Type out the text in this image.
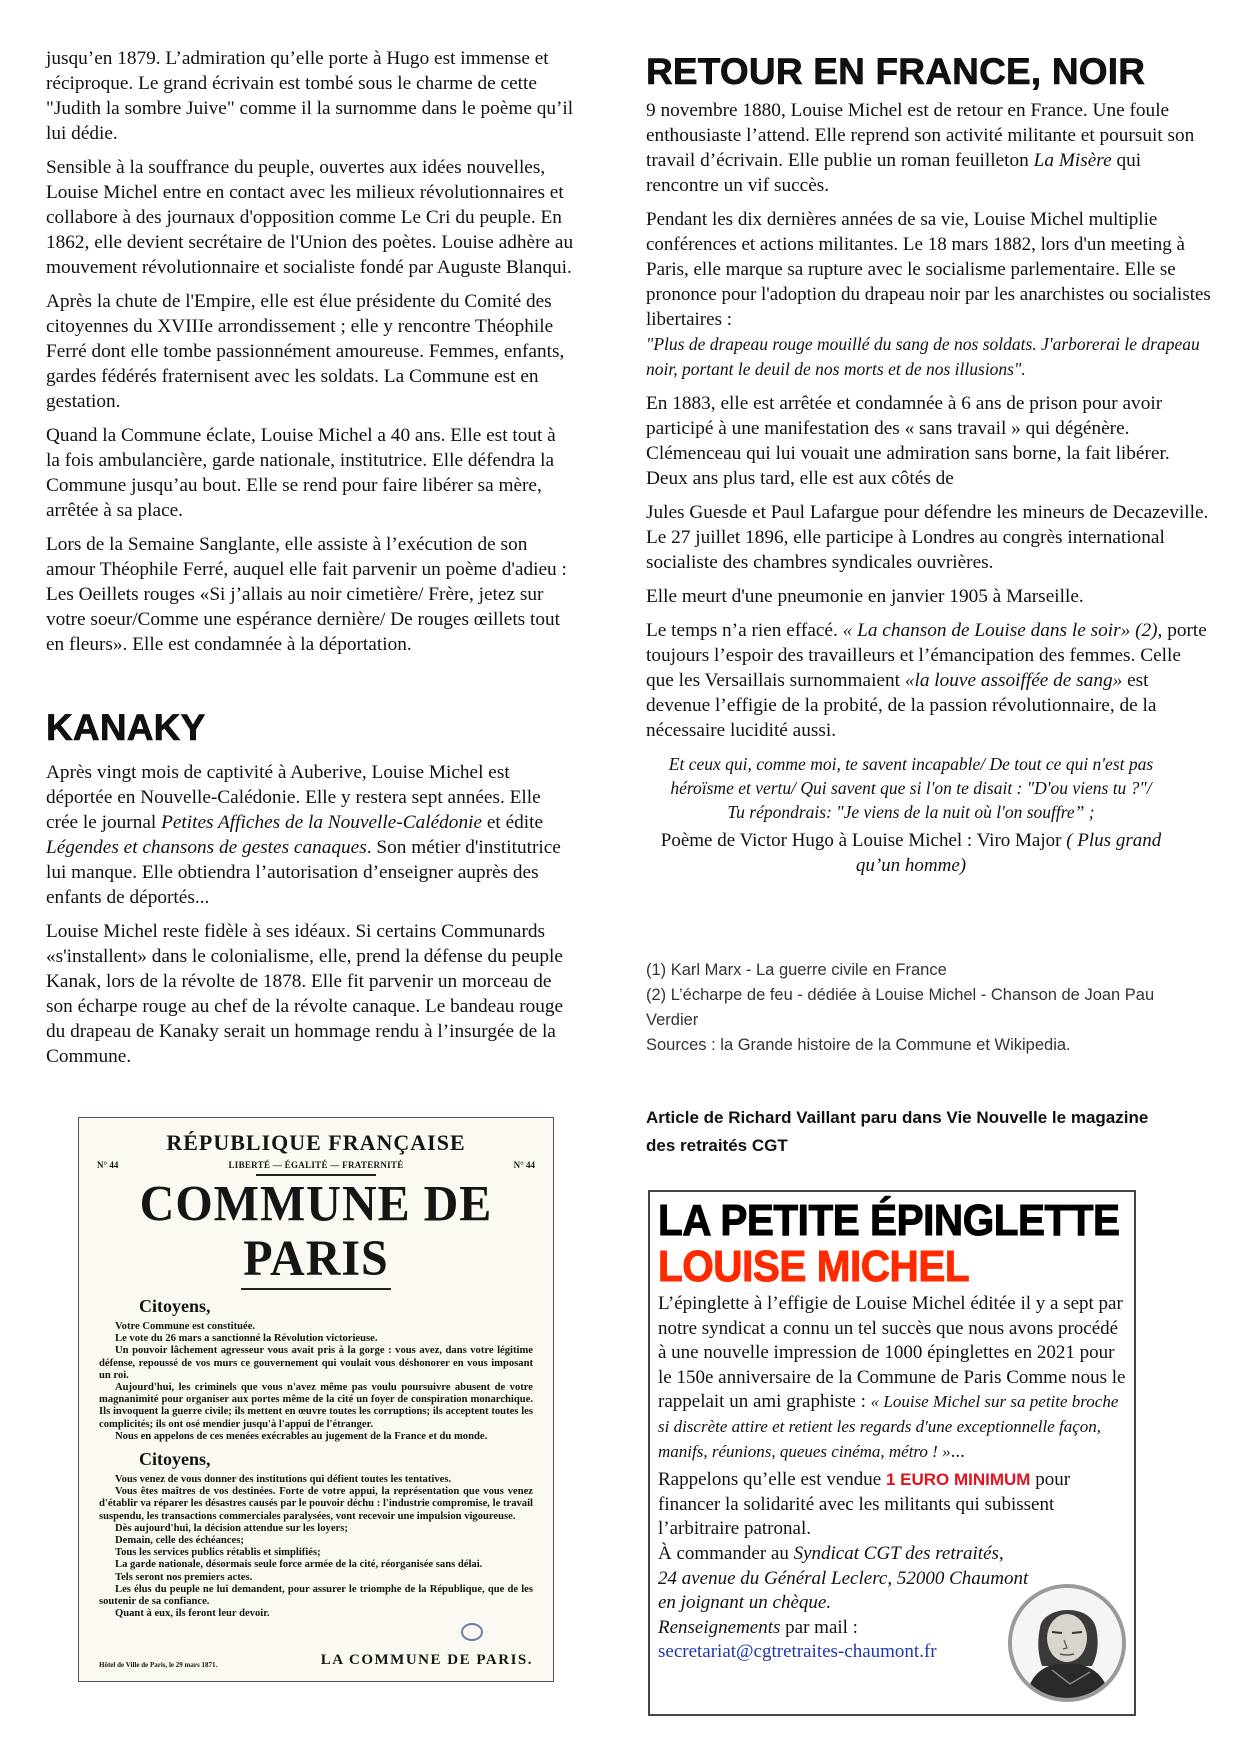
jusqu’en 1879. L’admiration qu’elle porte à Hugo est immense et réciproque. Le grand écrivain est tombé sous le charme de cette "Judith la sombre Juive" comme il la surnomme dans le poème qu’il lui dédie.

Sensible à la souffrance du peuple, ouvertes aux idées nouvelles, Louise Michel entre en contact avec les milieux révolutionnaires et collabore à des journaux d'opposition comme Le Cri du peuple. En 1862, elle devient secrétaire de l'Union des poètes. Louise adhère au mouvement révolutionnaire et socialiste fondé par Auguste Blanqui.

Après la chute de l'Empire, elle est élue présidente du Comité des citoyennes du XVIIIe arrondissement ; elle y rencontre Théophile Ferré dont elle tombe passionnément amoureuse. Femmes, enfants, gardes fédérés fraternisent avec les soldats. La Commune est en gestation.

Quand la Commune éclate, Louise Michel a 40 ans. Elle est tout à la fois ambulancière, garde nationale, institutrice. Elle défendra la Commune jusqu’au bout. Elle se rend pour faire libérer sa mère, arrêtée à sa place.

Lors de la Semaine Sanglante, elle assiste à l’exécution de son amour Théophile Ferré, auquel elle fait parvenir un poème d'adieu : Les Oeillets rouges «Si j’allais au noir cimetière/ Frère, jetez sur votre soeur/Comme une espérance dernière/ De rouges œillets tout en fleurs». Elle est condamnée à la déportation.

KANAKY

Après vingt mois de captivité à Auberive, Louise Michel est déportée en Nouvelle-Calédonie. Elle y restera sept années. Elle crée le journal Petites Affiches de la Nouvelle-Calédonie et édite Légendes et chansons de gestes canaques. Son métier d'institutrice lui manque. Elle obtiendra l’autorisation d’enseigner auprès des enfants de déportés...

Louise Michel reste fidèle à ses idéaux. Si certains Communards «s'installent» dans le colonialisme, elle, prend la défense du peuple Kanak, lors de la révolte de 1878. Elle fit parvenir un morceau de son écharpe rouge au chef de la révolte canaque. Le bandeau rouge du drapeau de Kanaky serait un hommage rendu à l’insurgée de la Commune.

RETOUR EN FRANCE, NOIR

9 novembre 1880, Louise Michel est de retour en France. Une foule enthousiaste l’attend. Elle reprend son activité militante et poursuit son travail d’écrivain. Elle publie un roman feuilleton La Misère qui rencontre un vif succès.

Pendant les dix dernières années de sa vie, Louise Michel multiplie conférences et actions militantes. Le 18 mars 1882, lors d'un meeting à Paris, elle marque sa rupture avec le socialisme parlementaire. Elle se prononce pour l'adoption du drapeau noir par les anarchistes ou socialistes libertaires :
"Plus de drapeau rouge mouillé du sang de nos soldats. J'arborerai le drapeau noir, portant le deuil de nos morts et de nos illusions".

En 1883, elle est arrêtée et condamnée à 6 ans de prison pour avoir participé à une manifestation des « sans travail » qui dégénère. Clémenceau qui lui vouait une admiration sans borne, la fait libérer. Deux ans plus tard, elle est aux côtés de

Jules Guesde et Paul Lafargue pour défendre les mineurs de Decazeville. Le 27 juillet 1896, elle participe à Londres au congrès international socialiste des chambres syndicales ouvrières.

Elle meurt d'une pneumonie en janvier 1905 à Marseille.

Le temps n’a rien effacé. « La chanson de Louise dans le soir» (2), porte toujours l’espoir des travailleurs et l’émancipation des femmes. Celle que les Versaillais surnommaient «la louve assoiffée de sang» est devenue l’effigie de la probité, de la passion révolutionnaire, de la nécessaire lucidité aussi.

Et ceux qui, comme moi, te savent incapable/ De tout ce qui n'est pas
héroïsme et vertu/ Qui savent que si l'on te disait : "D'ou viens tu ?"/
Tu répondrais: "Je viens de la nuit où l'on souffre” ;
Poème de Victor Hugo à Louise Michel : Viro Major ( Plus grand qu’un homme)
(1) Karl Marx - La guerre civile en France
(2) L’écharpe de feu - dédiée à Louise Michel - Chanson de Joan Pau Verdier
Sources : la Grande histoire de la Commune et Wikipedia.
Article de Richard Vaillant paru dans Vie Nouvelle le magazine des retraités CGT
RÉPUBLIQUE FRANÇAISE
N° 44	LIBERTÉ — ÉGALITÉ — FRATERNITÉ	N° 44
COMMUNE DE PARIS
Citoyens,
Votre Commune est constituée.
Le vote du 26 mars a sanctionné la Révolution victorieuse.
Un pouvoir lâchement agresseur vous avait pris à la gorge : vous avez, dans votre légitime défense, repoussé de vos murs ce gouvernement qui voulait vous déshonorer en vous imposant un roi.
Aujourd'hui, les criminels que vous n'avez même pas voulu poursuivre abusent de votre magnanimité pour organiser aux portes même de la cité un foyer de conspiration monarchique. Ils invoquent la guerre civile; ils mettent en œuvre toutes les corruptions; ils acceptent toutes les complicités; ils ont osé mendier jusqu'à l'appui de l'étranger.
Nous en appelons de ces menées exécrables au jugement de la France et du monde.
Citoyens,
Vous venez de vous donner des institutions qui défient toutes les tentatives.
Vous êtes maîtres de vos destinées. Forte de votre appui, la représentation que vous venez d'établir va réparer les désastres causés par le pouvoir déchu : l'industrie compromise, le travail suspendu, les transactions commerciales paralysées, vont recevoir une impulsion vigoureuse.
Dès aujourd'hui, la décision attendue sur les loyers;
Demain, celle des échéances;
Tous les services publics rétablis et simplifiés;
La garde nationale, désormais seule force armée de la cité, réorganisée sans délai.
Tels seront nos premiers actes.
Les élus du peuple ne lui demandent, pour assurer le triomphe de la République, que de les soutenir de sa confiance.
Quant à eux, ils feront leur devoir.
Hôtel de Ville de Paris, le 29 mars 1871.	LA COMMUNE DE PARIS.
LA PETITE ÉPINGLETTE
LOUISE MICHEL

L’épinglette à l’effigie de Louise Michel éditée il y a sept par notre syndicat a connu un tel succès que nous avons procédé à une nouvelle impression de 1000 épinglettes en 2021 pour le 150e anniversaire de la Commune de Paris Comme nous le rappelait un ami graphiste : « Louise Michel sur sa petite broche si discrète attire et retient les regards d'une exceptionnelle façon, manifs, réunions, queues cinéma, métro ! »...

Rappelons qu’elle est vendue 1 EURO MINIMUM pour financer la solidarité avec les militants qui subissent l’arbitraire patronal.

À commander au Syndicat CGT des retraités,

24 avenue du Général Leclerc, 52000 Chaumont

en joignant un chèque.

Renseignements par mail :

secretariat@cgtretraites-chaumont.fr
